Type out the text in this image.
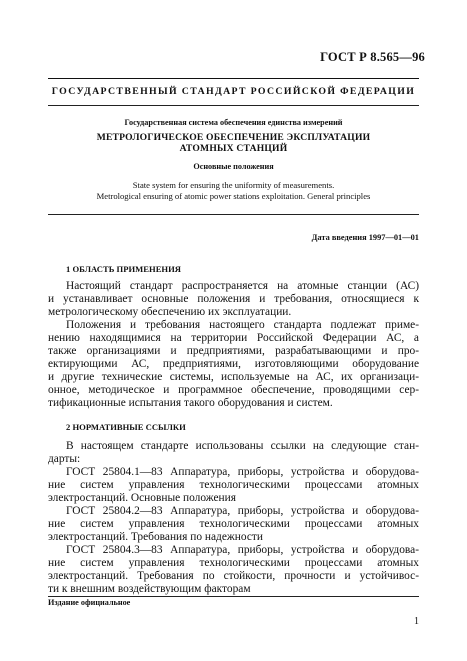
ГОСТ Р 8.565—96
ГОСУДАРСТВЕННЫЙ СТАНДАРТ РОССИЙСКОЙ ФЕДЕРАЦИИ
Государственная система обеспечения единства измерений
МЕТРОЛОГИЧЕСКОЕ ОБЕСПЕЧЕНИЕ ЭКСПЛУАТАЦИИ
АТОМНЫХ СТАНЦИЙ
Основные положения
State system for ensuring the uniformity of measurements.
Metrological ensuring of atomic power stations exploitation. General principles
Дата введения 1997—01—01
1 ОБЛАСТЬ ПРИМЕНЕНИЯ
Настоящий стандарт распространяется на атомные станции (АС)
и устанавливает основные положения и требования, относящиеся к
метрологическому обеспечению их эксплуатации.
Положения и требования настоящего стандарта подлежат приме-
нению находящимися на территории Российской Федерации АС, а
также организациями и предприятиями, разрабатывающими и про-
ектирующими АС, предприятиями, изготовляющими оборудование
и другие технические системы, используемые на АС, их организаци-
онное, методическое и программное обеспечение, проводящими сер-
тификационные испытания такого оборудования и систем.
2 НОРМАТИВНЫЕ ССЫЛКИ
В настоящем стандарте использованы ссылки на следующие стан-
дарты:
ГОСТ 25804.1—83 Аппаратура, приборы, устройства и оборудова-
ние систем управления технологическими процессами атомных
электростанций. Основные положения
ГОСТ 25804.2—83 Аппаратура, приборы, устройства и оборудова-
ние систем управления технологическими процессами атомных
электростанций. Требования по надежности
ГОСТ 25804.3—83 Аппаратура, приборы, устройства и оборудова-
ние систем управления технологическими процессами атомных
электростанций. Требования по стойкости, прочности и устойчивос-
ти к внешним воздействующим факторам
Издание официальное
1
